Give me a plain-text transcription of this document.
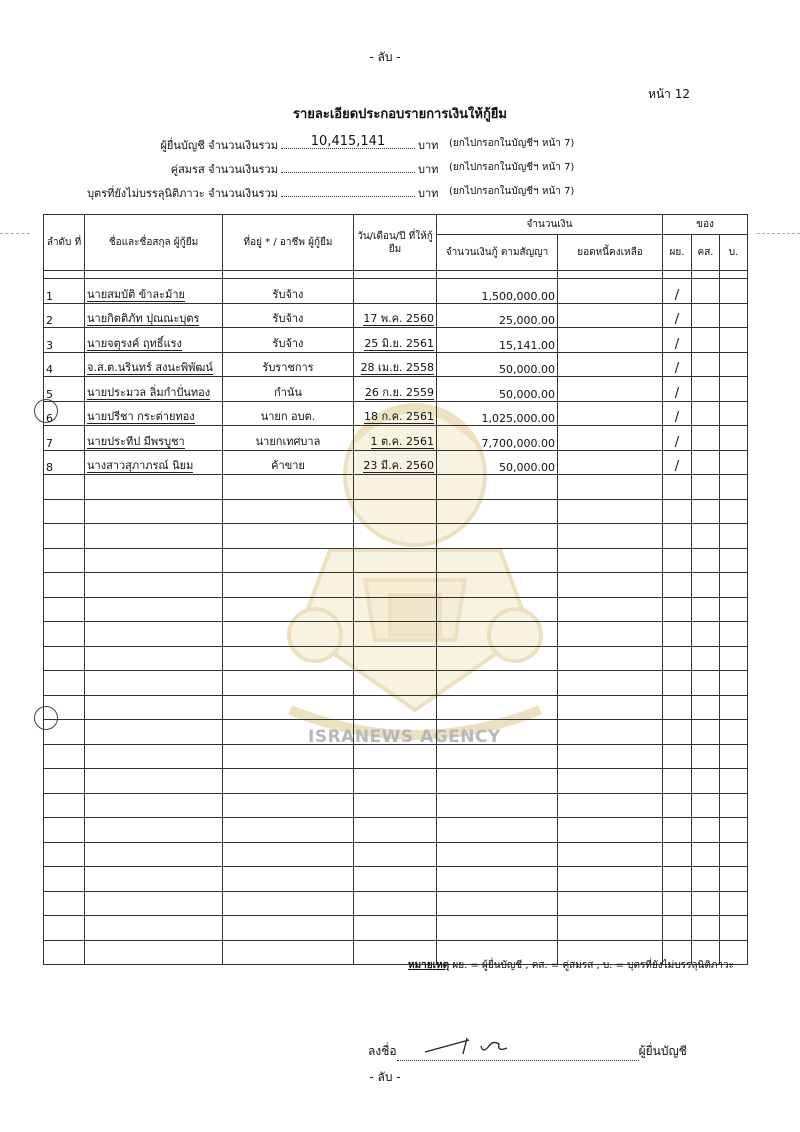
- ลับ -
หน้า 12
รายละเอียดประกอบรายการเงินให้กู้ยืม
ผู้ยื่นบัญชี จำนวนเงินรวม	10,415,141	บาท (ยกไปกรอกในบัญชีฯ หน้า 7)
คู่สมรส จำนวนเงินรวม	บาท (ยกไปกรอกในบัญชีฯ หน้า 7)
บุตรที่ยังไม่บรรลุนิติภาวะ จำนวนเงินรวม	บาท (ยกไปกรอกในบัญชีฯ หน้า 7)
ISRANEWS AGENCY
ลำดับ ที่	ชื่อและชื่อสกุล ผู้กู้ยืม	ที่อยู่ * / อาชีพ ผู้กู้ยืม	วัน/เดือน/ปี ที่ให้กู้ยืม	จำนวนเงิน		ของ		
				จำนวนเงินกู้ ตามสัญญา	ยอดหนี้คงเหลือ	ผย.	คส.	บ.

1	นายสมบัติ ข้าละม้าย	รับจ้าง		1,500,000.00		/		
2	นายกิตติภัท ปุณณะบุตร	รับจ้าง	17 พ.ค. 2560	25,000.00		/		
3	นายจตุรงค์ ฤทธิ์แรง	รับจ้าง	25 มิ.ย. 2561	15,141.00		/		
4	จ.ส.ต.นรินทร์ สงนะพิพัฒน์	รับราชการ	28 เม.ย. 2558	50,000.00		/		
5	นายประมวล ลิ่มกำปั่นทอง	กำนัน	26 ก.ย. 2559	50,000.00		/		
6	นายปรีชา กระต่ายทอง	นายก อบต.	18 ก.ค. 2561	1,025,000.00		/		
7	นายประทีป มีพรบูชา	นายกเทศบาล	1 ต.ค. 2561	7,700,000.00		/		
8	นางสาวสุภาภรณ์ นิยม	ค้าขาย	23 มี.ค. 2560	50,000.00		/		

หมายเหตุ ผย. = ผู้ยื่นบัญชี , คส. = คู่สมรส , บ. = บุตรที่ยังไม่บรรลุนิติภาวะ
ลงชื่อ	ผู้ยื่นบัญชี
- ลับ -
